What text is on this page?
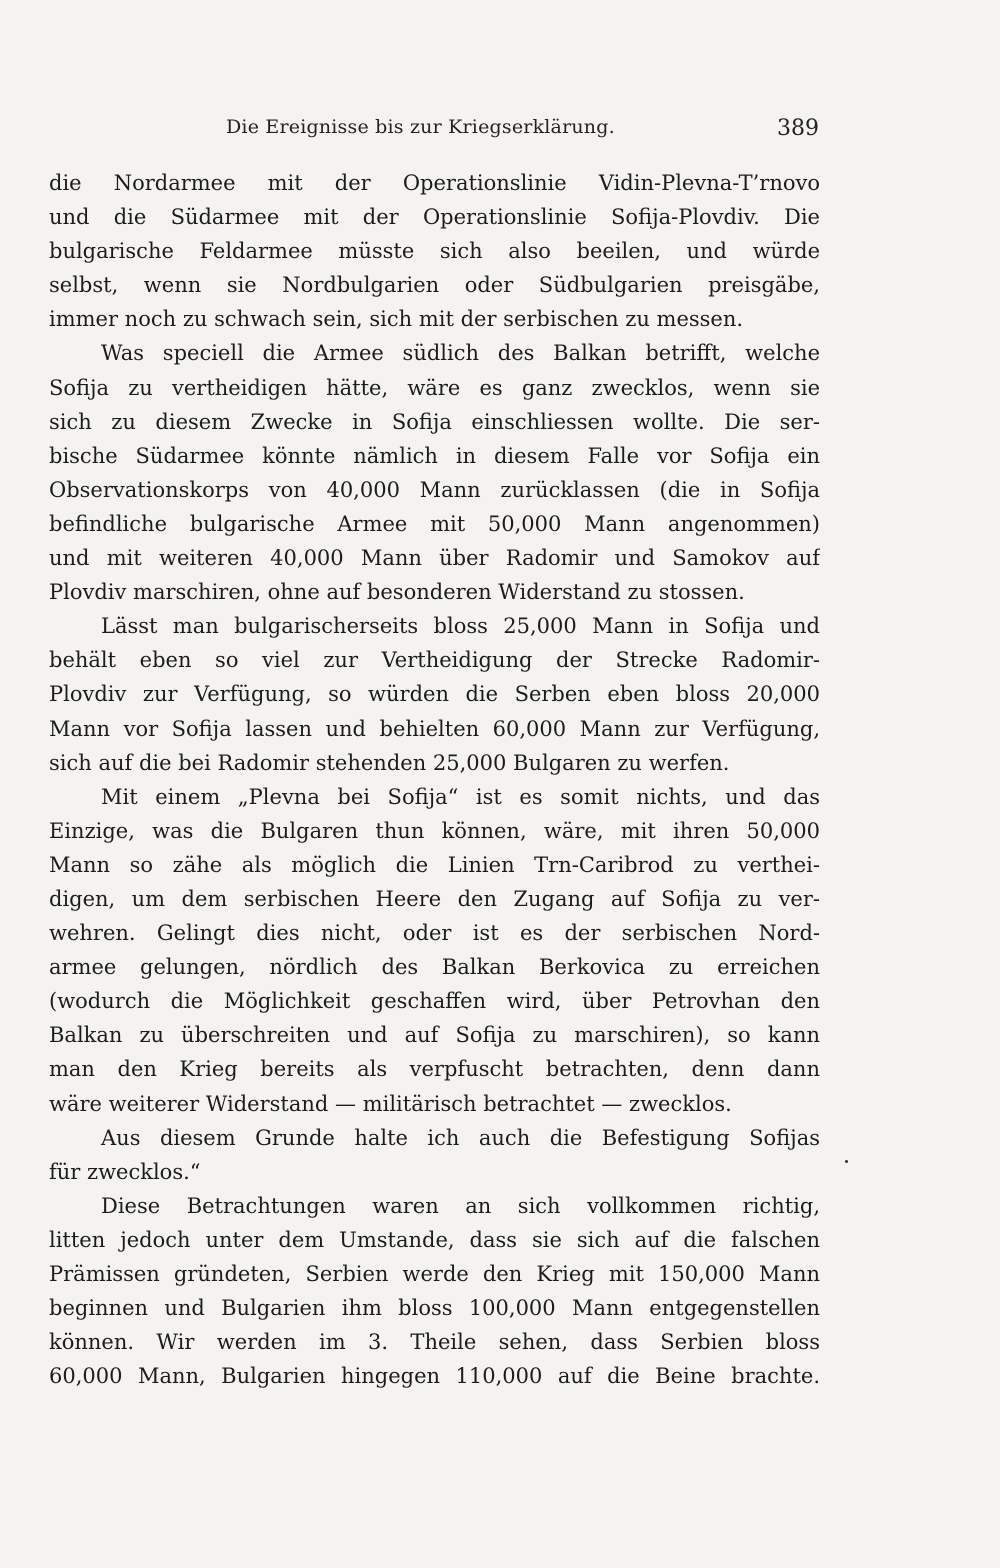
Die Ereignisse bis zur Kriegserklärung.	389
die Nordarmee mit der Operationslinie Vidin-Plevna-T’rnovo
und die Südarmee mit der Operationslinie Sofija-Plovdiv. Die
bulgarische Feldarmee müsste sich also beeilen, und würde
selbst, wenn sie Nordbulgarien oder Südbulgarien preisgäbe,
immer noch zu schwach sein, sich mit der serbischen zu messen.
Was speciell die Armee südlich des Balkan betrifft, welche
Sofija zu vertheidigen hätte, wäre es ganz zwecklos, wenn sie
sich zu diesem Zwecke in Sofija einschliessen wollte. Die ser-
bische Südarmee könnte nämlich in diesem Falle vor Sofija ein
Observationskorps von 40,000 Mann zurücklassen (die in Sofija
befindliche bulgarische Armee mit 50,000 Mann angenommen)
und mit weiteren 40,000 Mann über Radomir und Samokov auf
Plovdiv marschiren, ohne auf besonderen Widerstand zu stossen.
Lässt man bulgarischerseits bloss 25,000 Mann in Sofija und
behält eben so viel zur Vertheidigung der Strecke Radomir-
Plovdiv zur Verfügung, so würden die Serben eben bloss 20,000
Mann vor Sofija lassen und behielten 60,000 Mann zur Verfügung,
sich auf die bei Radomir stehenden 25,000 Bulgaren zu werfen.
Mit einem „Plevna bei Sofija“ ist es somit nichts, und das
Einzige, was die Bulgaren thun können, wäre, mit ihren 50,000
Mann so zähe als möglich die Linien Trn-Caribrod zu verthei-
digen, um dem serbischen Heere den Zugang auf Sofija zu ver-
wehren. Gelingt dies nicht, oder ist es der serbischen Nord-
armee gelungen, nördlich des Balkan Berkovica zu erreichen
(wodurch die Möglichkeit geschaffen wird, über Petrovhan den
Balkan zu überschreiten und auf Sofija zu marschiren), so kann
man den Krieg bereits als verpfuscht betrachten, denn dann
wäre weiterer Widerstand — militärisch betrachtet — zwecklos.
Aus diesem Grunde halte ich auch die Befestigung Sofijas
für zwecklos.“
Diese Betrachtungen waren an sich vollkommen richtig,
litten jedoch unter dem Umstande, dass sie sich auf die falschen
Prämissen gründeten, Serbien werde den Krieg mit 150,000 Mann
beginnen und Bulgarien ihm bloss 100,000 Mann entgegenstellen
können. Wir werden im 3. Theile sehen, dass Serbien bloss
60,000 Mann, Bulgarien hingegen 110,000 auf die Beine brachte.
